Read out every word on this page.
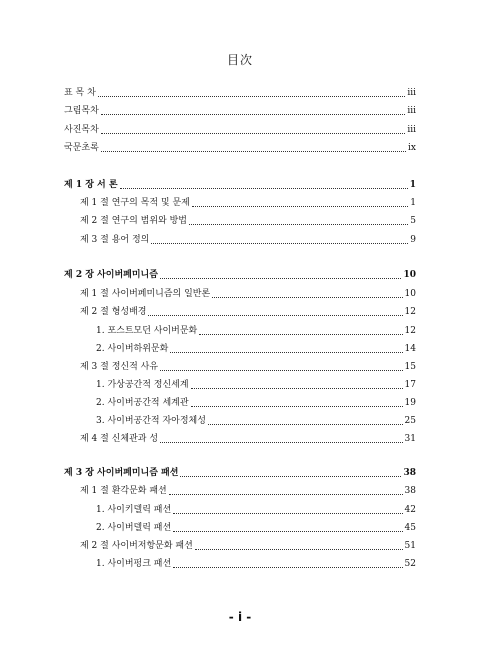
目次
표 목 차	iii
그림목차	iii
사진목차	iii
국문초록	ix
제 1 장 서 론	1
제 1 절 연구의 목적 및 문제	1
제 2 절 연구의 범위와 방법	5
제 3 절 용어 정의	9
제 2 장 사이버페미니즘	10
제 1 절 사이버페미니즘의 일반론	10
제 2 절 형성배경	12
1. 포스트모던 사이버문화	12
2. 사이버하위문화	14
제 3 절 정신적 사유	15
1. 가상공간적 정신세계	17
2. 사이버공간적 세계관	19
3. 사이버공간적 자아정체성	25
제 4 절 신체관과 성	31
제 3 장 사이버페미니즘 패션	38
제 1 절 환각문화 패션	38
1. 사이키델릭 패션	42
2. 사이버델릭 패션	45
제 2 절 사이버저항문화 패션	51
1. 사이버펑크 패션	52
- i -
